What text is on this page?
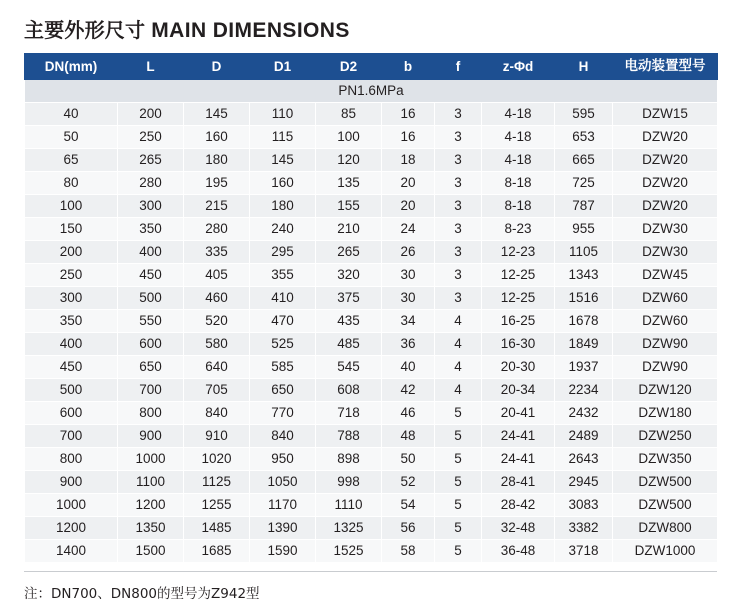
主要外形尺寸 MAIN DIMENSIONS
DN(mm)	L	D	D1	D2	b	f	z-Φd	H	电动装置型号
PN1.6MPa									
40	200	145	110	85	16	3	4-18	595	DZW15
50	250	160	115	100	16	3	4-18	653	DZW20
65	265	180	145	120	18	3	4-18	665	DZW20
80	280	195	160	135	20	3	8-18	725	DZW20
100	300	215	180	155	20	3	8-18	787	DZW20
150	350	280	240	210	24	3	8-23	955	DZW30
200	400	335	295	265	26	3	12-23	1105	DZW30
250	450	405	355	320	30	3	12-25	1343	DZW45
300	500	460	410	375	30	3	12-25	1516	DZW60
350	550	520	470	435	34	4	16-25	1678	DZW60
400	600	580	525	485	36	4	16-30	1849	DZW90
450	650	640	585	545	40	4	20-30	1937	DZW90
500	700	705	650	608	42	4	20-34	2234	DZW120
600	800	840	770	718	46	5	20-41	2432	DZW180
700	900	910	840	788	48	5	24-41	2489	DZW250
800	1000	1020	950	898	50	5	24-41	2643	DZW350
900	1100	1125	1050	998	52	5	28-41	2945	DZW500
1000	1200	1255	1170	1110	54	5	28-42	3083	DZW500
1200	1350	1485	1390	1325	56	5	32-48	3382	DZW800
1400	1500	1685	1590	1525	58	5	36-48	3718	DZW1000
注：DN700、DN800的型号为Z942型
